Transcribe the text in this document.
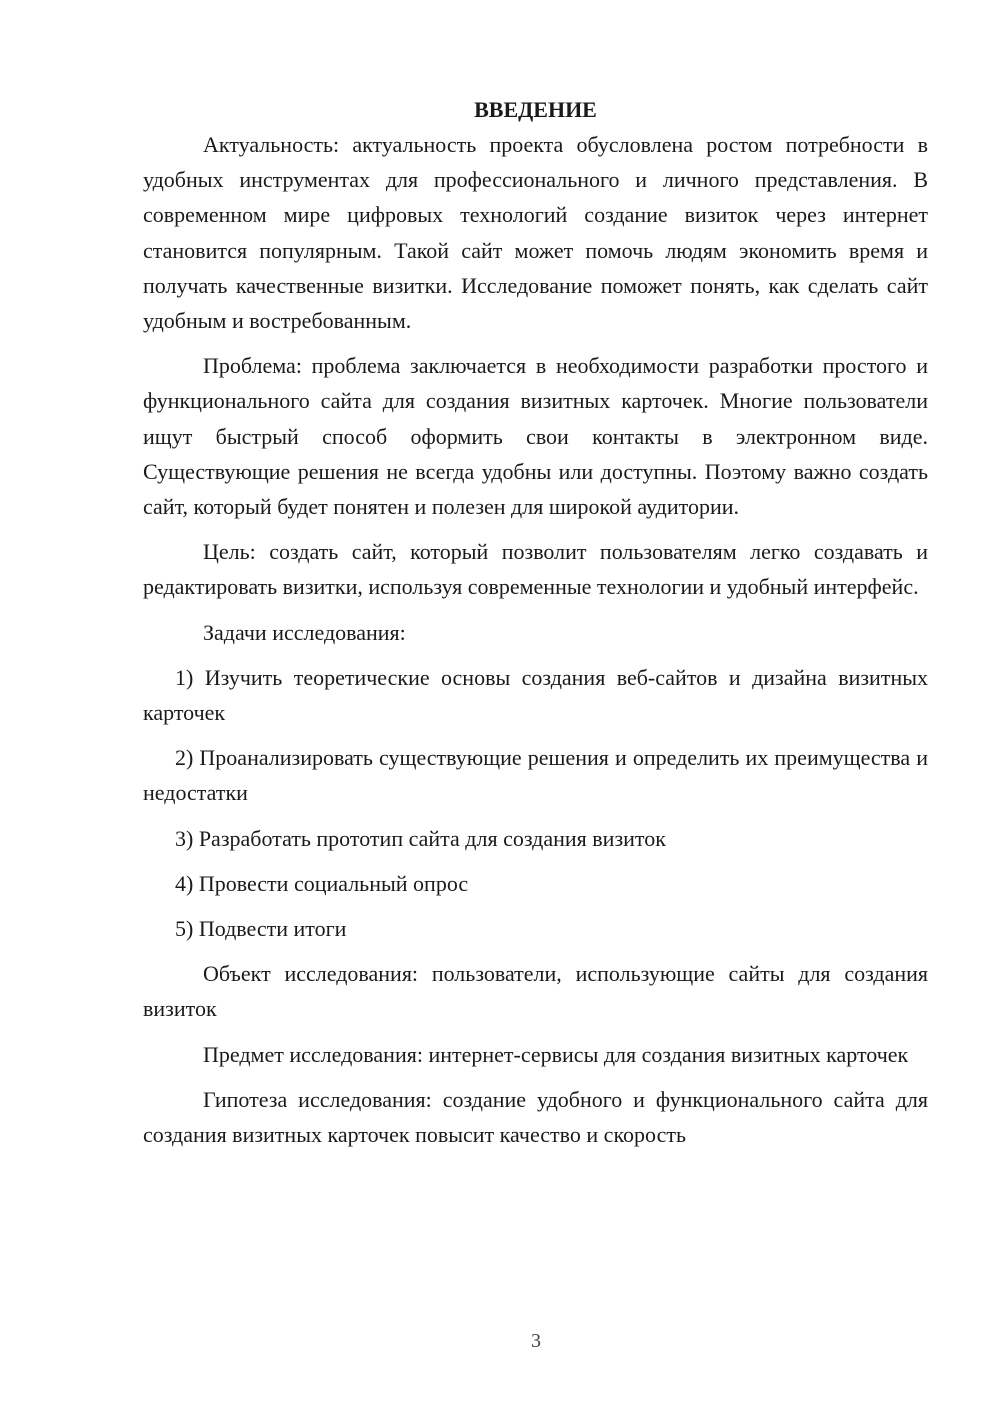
ВВЕДЕНИЕ

Актуальность: актуальность проекта обусловлена ростом потребности в удобных инструментах для профессионального и личного представления. В современном мире цифровых технологий создание визиток через интернет становится популярным. Такой сайт может помочь людям экономить время и получать качественные визитки. Исследование поможет понять, как сделать сайт удобным и востребованным.

Проблема: проблема заключается в необходимости разработки простого и функционального сайта для создания визитных карточек. Многие пользователи ищут быстрый способ оформить свои контакты в электронном виде. Существующие решения не всегда удобны или доступны. Поэтому важно создать сайт, который будет понятен и полезен для широкой аудитории.

Цель: создать сайт, который позволит пользователям легко создавать и редактировать визитки, используя современные технологии и удобный интерфейс.

Задачи исследования:

1) Изучить теоретические основы создания веб-сайтов и дизайна визитных карточек

2) Проанализировать существующие решения и определить их преимущества и недостатки

3) Разработать прототип сайта для создания визиток

4) Провести социальный опрос

5) Подвести итоги

Объект исследования: пользователи, использующие сайты для создания визиток

Предмет исследования: интернет-сервисы для создания визитных карточек

Гипотеза исследования: создание удобного и функционального сайта для создания визитных карточек повысит качество и скорость

3
